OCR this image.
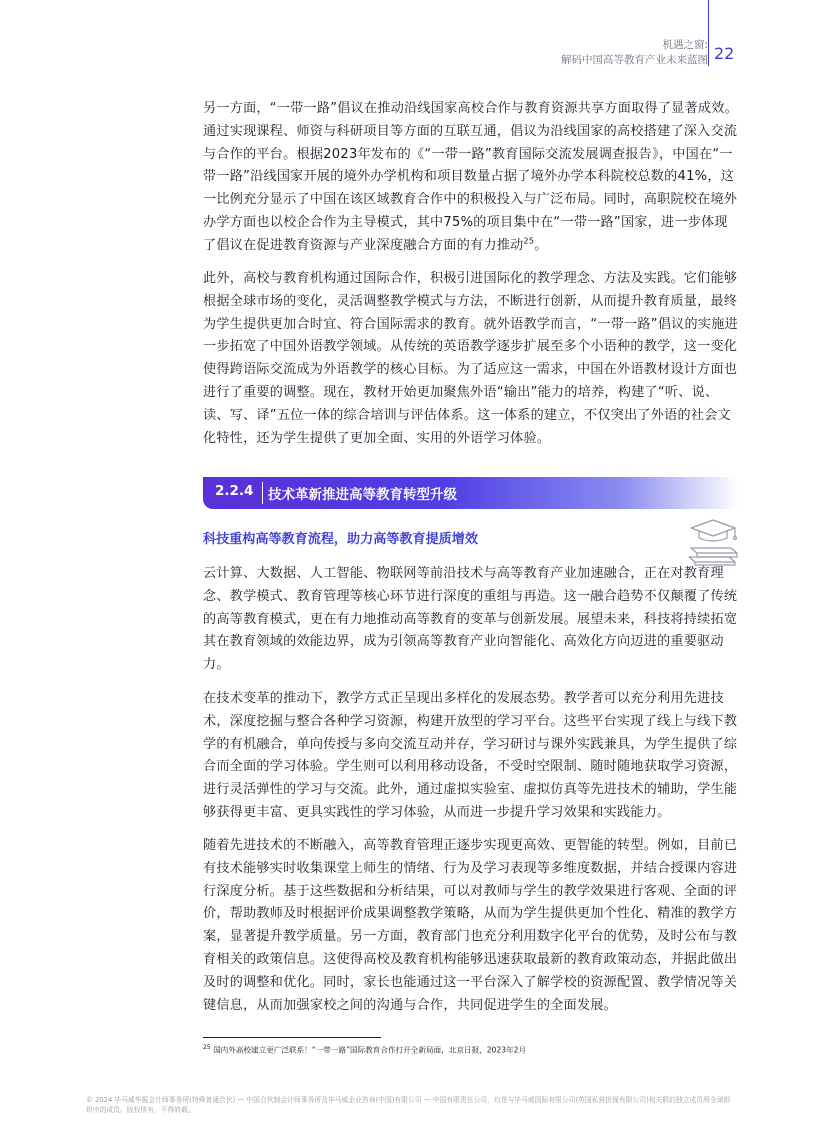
机遇之窗:
解码中国高等教育产业未来蓝图 22

另一方面，“一带一路”倡议在推动沿线国家高校合作与教育资源共享方面取得了显著成效。通过实现课程、师资与科研项目等方面的互联互通，倡议为沿线国家的高校搭建了深入交流与合作的平台。根据2023年发布的《“一带一路”教育国际交流发展调查报告》，中国在“一带一路”沿线国家开展的境外办学机构和项目数量占据了境外办学本科院校总数的41%，这一比例充分显示了中国在该区域教育合作中的积极投入与广泛布局。同时，高职院校在境外办学方面也以校企合作为主导模式，其中75%的项目集中在“一带一路”国家，进一步体现了倡议在促进教育资源与产业深度融合方面的有力推动$^{25}$。

此外，高校与教育机构通过国际合作，积极引进国际化的教学理念、方法及实践。它们能够根据全球市场的变化，灵活调整教学模式与方法，不断进行创新，从而提升教育质量，最终为学生提供更加合时宜、符合国际需求的教育。就外语教学而言，“一带一路”倡议的实施进一步拓宽了中国外语教学领域。从传统的英语教学逐步扩展至多个小语种的教学，这一变化使得跨语际交流成为外语教学的核心目标。为了适应这一需求，中国在外语教材设计方面也进行了重要的调整。现在，教材开始更加聚焦外语“输出”能力的培养，构建了“听、说、读、写、译”五位一体的综合培训与评估体系。这一体系的建立，不仅突出了外语的社会文化特性，还为学生提供了更加全面、实用的外语学习体验。

2.2.4 技术革新推进高等教育转型升级
科技重构高等教育流程，助力高等教育提质增效

云计算、大数据、人工智能、物联网等前沿技术与高等教育产业加速融合，正在对教育理念、教学模式、教育管理等核心环节进行深度的重组与再造。这一融合趋势不仅颠覆了传统的高等教育模式，更在有力地推动高等教育的变革与创新发展。展望未来，科技将持续拓宽其在教育领域的效能边界，成为引领高等教育产业向智能化、高效化方向迈进的重要驱动力。

在技术变革的推动下，教学方式正呈现出多样化的发展态势。教学者可以充分利用先进技术，深度挖掘与整合各种学习资源，构建开放型的学习平台。这些平台实现了线上与线下教学的有机融合，单向传授与多向交流互动并存，学习研讨与课外实践兼具，为学生提供了综合而全面的学习体验。学生则可以利用移动设备，不受时空限制、随时随地获取学习资源，进行灵活弹性的学习与交流。此外，通过虚拟实验室、虚拟仿真等先进技术的辅助，学生能够获得更丰富、更具实践性的学习体验，从而进一步提升学习效果和实践能力。

随着先进技术的不断融入，高等教育管理正逐步实现更高效、更智能的转型。例如，目前已有技术能够实时收集课堂上师生的情绪、行为及学习表现等多维度数据，并结合授课内容进行深度分析。基于这些数据和分析结果，可以对教师与学生的教学效果进行客观、全面的评价，帮助教师及时根据评价成果调整教学策略，从而为学生提供更加个性化、精准的教学方案，显著提升教学质量。另一方面，教育部门也充分利用数字化平台的优势，及时公布与教育相关的政策信息。这使得高校及教育机构能够迅速获取最新的教育政策动态，并据此做出及时的调整和优化。同时，家长也能通过这一平台深入了解学校的资源配置、教学情况等关键信息，从而加强家校之间的沟通与合作，共同促进学生的全面发展。

$^{25}$ 国内外高校建立更广泛联系！“一带一路”国际教育合作打开全新局面，北京日报，2023年2月
© 2024 毕马威华振会计师事务所(特殊普通合伙) — 中国合伙制会计师事务所及毕马威企业咨询(中国)有限公司 — 中国有限责任公司，均是与毕马威国际有限公司(英国私营担保有限公司)相关联的独立成员所全球组织中的成员。版权所有，不得转载。
